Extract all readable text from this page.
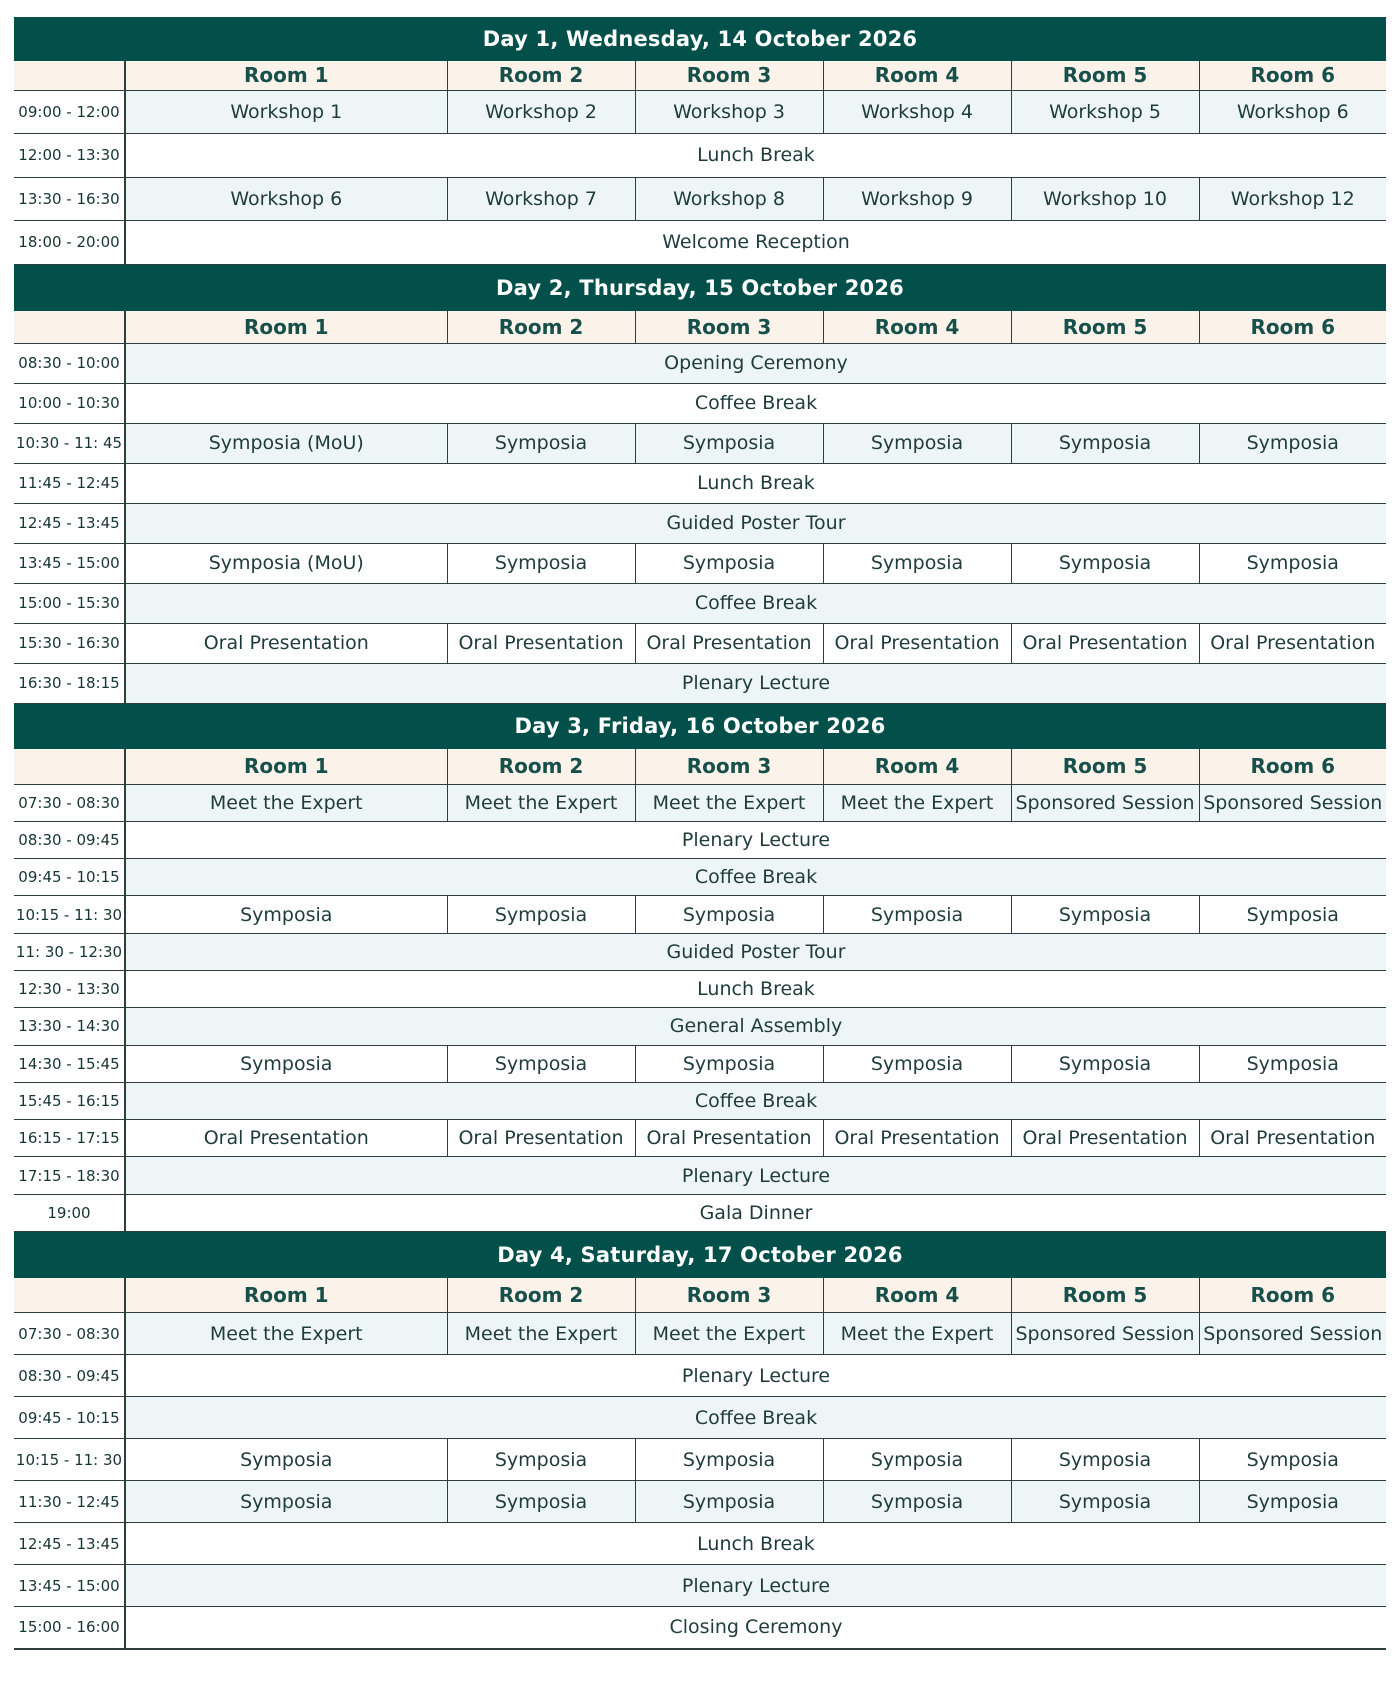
Day 1, Wednesday, 14 October 2026						
	Room 1	Room 2	Room 3	Room 4	Room 5	Room 6
09:00 - 12:00	Workshop 1	Workshop 2	Workshop 3	Workshop 4	Workshop 5	Workshop 6
12:00 - 13:30	Lunch Break					
13:30 - 16:30	Workshop 6	Workshop 7	Workshop 8	Workshop 9	Workshop 10	Workshop 12
18:00 - 20:00	Welcome Reception					
Day 2, Thursday, 15 October 2026						
	Room 1	Room 2	Room 3	Room 4	Room 5	Room 6
08:30 - 10:00	Opening Ceremony					
10:00 - 10:30	Coffee Break					
10:30 - 11: 45	Symposia (MoU)	Symposia	Symposia	Symposia	Symposia	Symposia
11:45 - 12:45	Lunch Break					
12:45 - 13:45	Guided Poster Tour					
13:45 - 15:00	Symposia (MoU)	Symposia	Symposia	Symposia	Symposia	Symposia
15:00 - 15:30	Coffee Break					
15:30 - 16:30	Oral Presentation	Oral Presentation	Oral Presentation	Oral Presentation	Oral Presentation	Oral Presentation
16:30 - 18:15	Plenary Lecture					
Day 3, Friday, 16 October 2026						
	Room 1	Room 2	Room 3	Room 4	Room 5	Room 6
07:30 - 08:30	Meet the Expert	Meet the Expert	Meet the Expert	Meet the Expert	Sponsored Session	Sponsored Session
08:30 - 09:45	Plenary Lecture					
09:45 - 10:15	Coffee Break					
10:15 - 11: 30	Symposia	Symposia	Symposia	Symposia	Symposia	Symposia
11: 30 - 12:30	Guided Poster Tour					
12:30 - 13:30	Lunch Break					
13:30 - 14:30	General Assembly					
14:30 - 15:45	Symposia	Symposia	Symposia	Symposia	Symposia	Symposia
15:45 - 16:15	Coffee Break					
16:15 - 17:15	Oral Presentation	Oral Presentation	Oral Presentation	Oral Presentation	Oral Presentation	Oral Presentation
17:15 - 18:30	Plenary Lecture					
19:00	Gala Dinner					
Day 4, Saturday, 17 October 2026						
	Room 1	Room 2	Room 3	Room 4	Room 5	Room 6
07:30 - 08:30	Meet the Expert	Meet the Expert	Meet the Expert	Meet the Expert	Sponsored Session	Sponsored Session
08:30 - 09:45	Plenary Lecture					
09:45 - 10:15	Coffee Break					
10:15 - 11: 30	Symposia	Symposia	Symposia	Symposia	Symposia	Symposia
11:30 - 12:45	Symposia	Symposia	Symposia	Symposia	Symposia	Symposia
12:45 - 13:45	Lunch Break					
13:45 - 15:00	Plenary Lecture					
15:00 - 16:00	Closing Ceremony					
